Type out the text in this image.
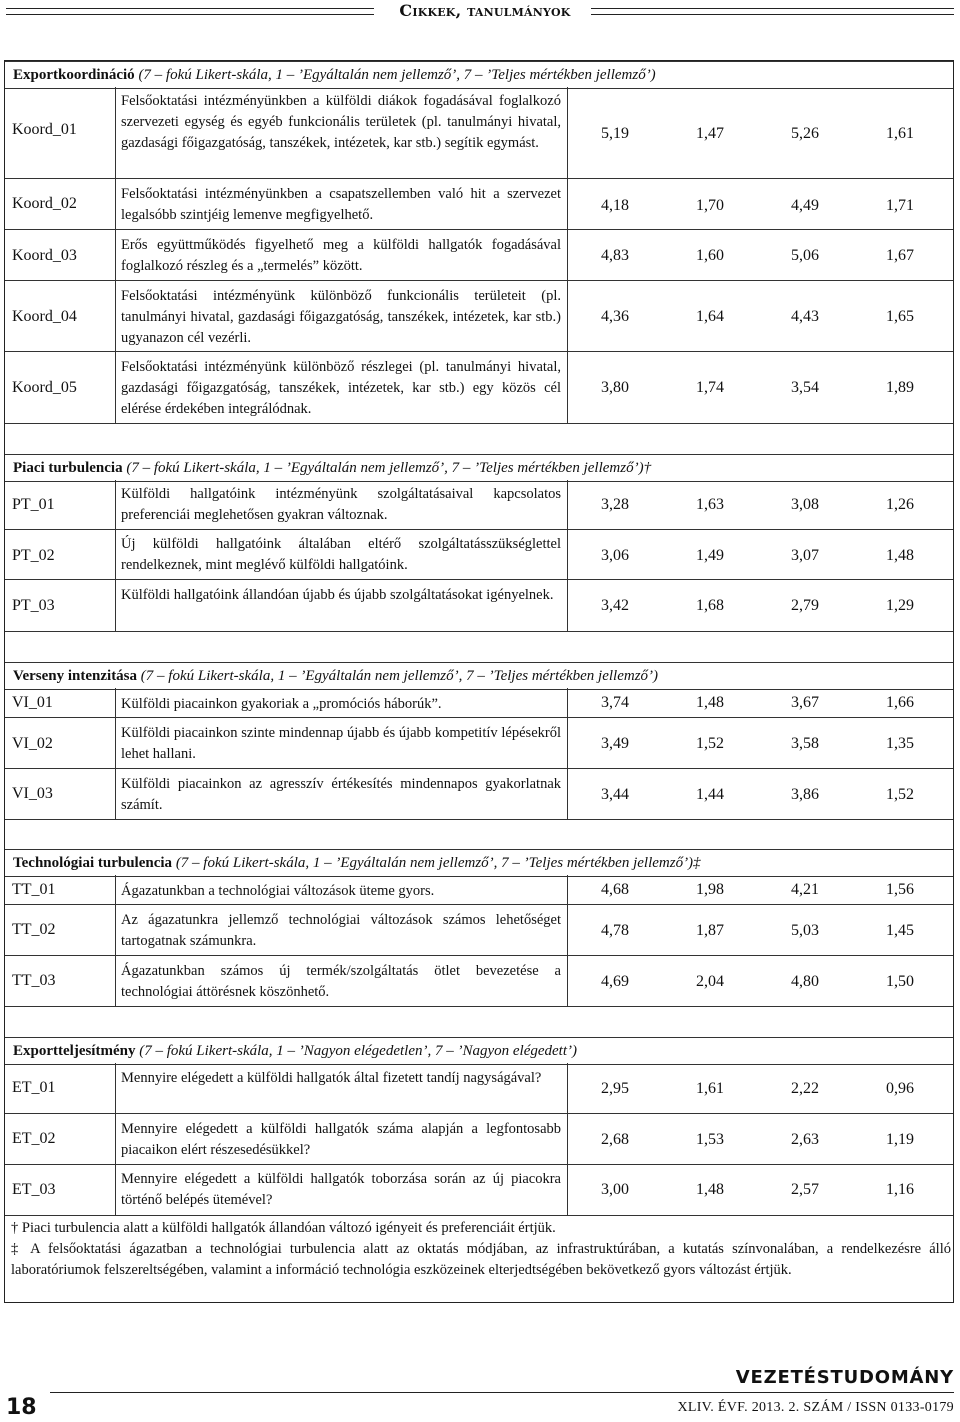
Cikkek, tanulmányok
Exportkoordináció (7 – fokú Likert-skála, 1 – ’Egyáltalán nem jellemző’, 7 – ’Teljes mértékben jellemző’)
Koord_01
Felsőoktatási intézményünkben a külföldi diákok fogadásával foglalkozó szervezeti egység és egyéb funkcionális területek (pl. tanulmányi hivatal, gazdasági főigazgatóság, tanszékek, intézetek, kar stb.) segítik egymást.
5,19	1,47	5,26	1,61
Koord_02
Felsőoktatási intézményünkben a csapatszellemben való hit a szervezet legalsóbb szintjéig lemenve megfigyelhető.
4,18	1,70	4,49	1,71
Koord_03
Erős együttműködés figyelhető meg a külföldi hallgatók fogadásával foglalkozó részleg és a „termelés” között.
4,83	1,60	5,06	1,67
Koord_04
Felsőoktatási intézményünk különböző funkcionális területeit (pl. tanulmányi hivatal, gazdasági főigazgatóság, tanszékek, intézetek, kar stb.) ugyanazon cél vezérli.
4,36	1,64	4,43	1,65
Koord_05
Felsőoktatási intézményünk különböző részlegei (pl. tanulmányi hivatal, gazdasági főigazgatóság, tanszékek, intézetek, kar stb.) egy közös cél elérése érdekében integrálódnak.
3,80	1,74	3,54	1,89
Piaci turbulencia (7 – fokú Likert-skála, 1 – ’Egyáltalán nem jellemző’, 7 – ’Teljes mértékben jellemző’)†
PT_01
Külföldi hallgatóink intézményünk szolgáltatásaival kapcsolatos preferenciái meglehetősen gyakran változnak.
3,28	1,63	3,08	1,26
PT_02
Új külföldi hallgatóink általában eltérő szolgáltatásszükséglettel rendelkeznek, mint meglévő külföldi hallgatóink.
3,06	1,49	3,07	1,48
PT_03
Külföldi hallgatóink állandóan újabb és újabb szolgáltatásokat igényelnek.
3,42	1,68	2,79	1,29
Verseny intenzitása (7 – fokú Likert-skála, 1 – ’Egyáltalán nem jellemző’, 7 – ’Teljes mértékben jellemző’)
VI_01	Külföldi piacainkon gyakoriak a „promóciós háborúk”.	3,74	1,48	3,67	1,66
VI_02
Külföldi piacainkon szinte mindennap újabb és újabb kompetitív lépésekről lehet hallani.
3,49	1,52	3,58	1,35
VI_03
Külföldi piacainkon az agresszív értékesítés mindennapos gyakorlatnak számít.
3,44	1,44	3,86	1,52
Technológiai turbulencia (7 – fokú Likert-skála, 1 – ’Egyáltalán nem jellemző’, 7 – ’Teljes mértékben jellemző’)‡
TT_01	Ágazatunkban a technológiai változások üteme gyors.	4,68	1,98	4,21	1,56
TT_02
Az ágazatunkra jellemző technológiai változások számos lehetőséget tartogatnak számunkra.
4,78	1,87	5,03	1,45
TT_03
Ágazatunkban számos új termék/szolgáltatás ötlet bevezetése a technológiai áttörésnek köszönhető.
4,69	2,04	4,80	1,50
Exportteljesítmény (7 – fokú Likert-skála, 1 – ’Nagyon elégedetlen’, 7 – ’Nagyon elégedett’)
ET_01
Mennyire elégedett a külföldi hallgatók által fizetett tandíj nagyságával?
2,95	1,61	2,22	0,96
ET_02
Mennyire elégedett a külföldi hallgatók száma alapján a legfontosabb piacaikon elért részesedésükkel?
2,68	1,53	2,63	1,19
ET_03
Mennyire elégedett a külföldi hallgatók toborzása során az új piacokra történő belépés ütemével?
3,00	1,48	2,57	1,16
† Piaci turbulencia alatt a külföldi hallgatók állandóan változó igényeit és preferenciáit értjük.
‡ A felsőoktatási ágazatban a technológiai turbulencia alatt az oktatás módjában, az infrastruktúrában, a kutatás színvonalában, a rendelkezésre álló laboratóriumok felszereltségében, valamint a információ technológia eszközeinek elterjedtségében bekövetkező gyors változást értjük.
VEZETÉSTUDOMÁNY
18	XLIV. ÉVF. 2013. 2. SZÁM / ISSN 0133-0179
